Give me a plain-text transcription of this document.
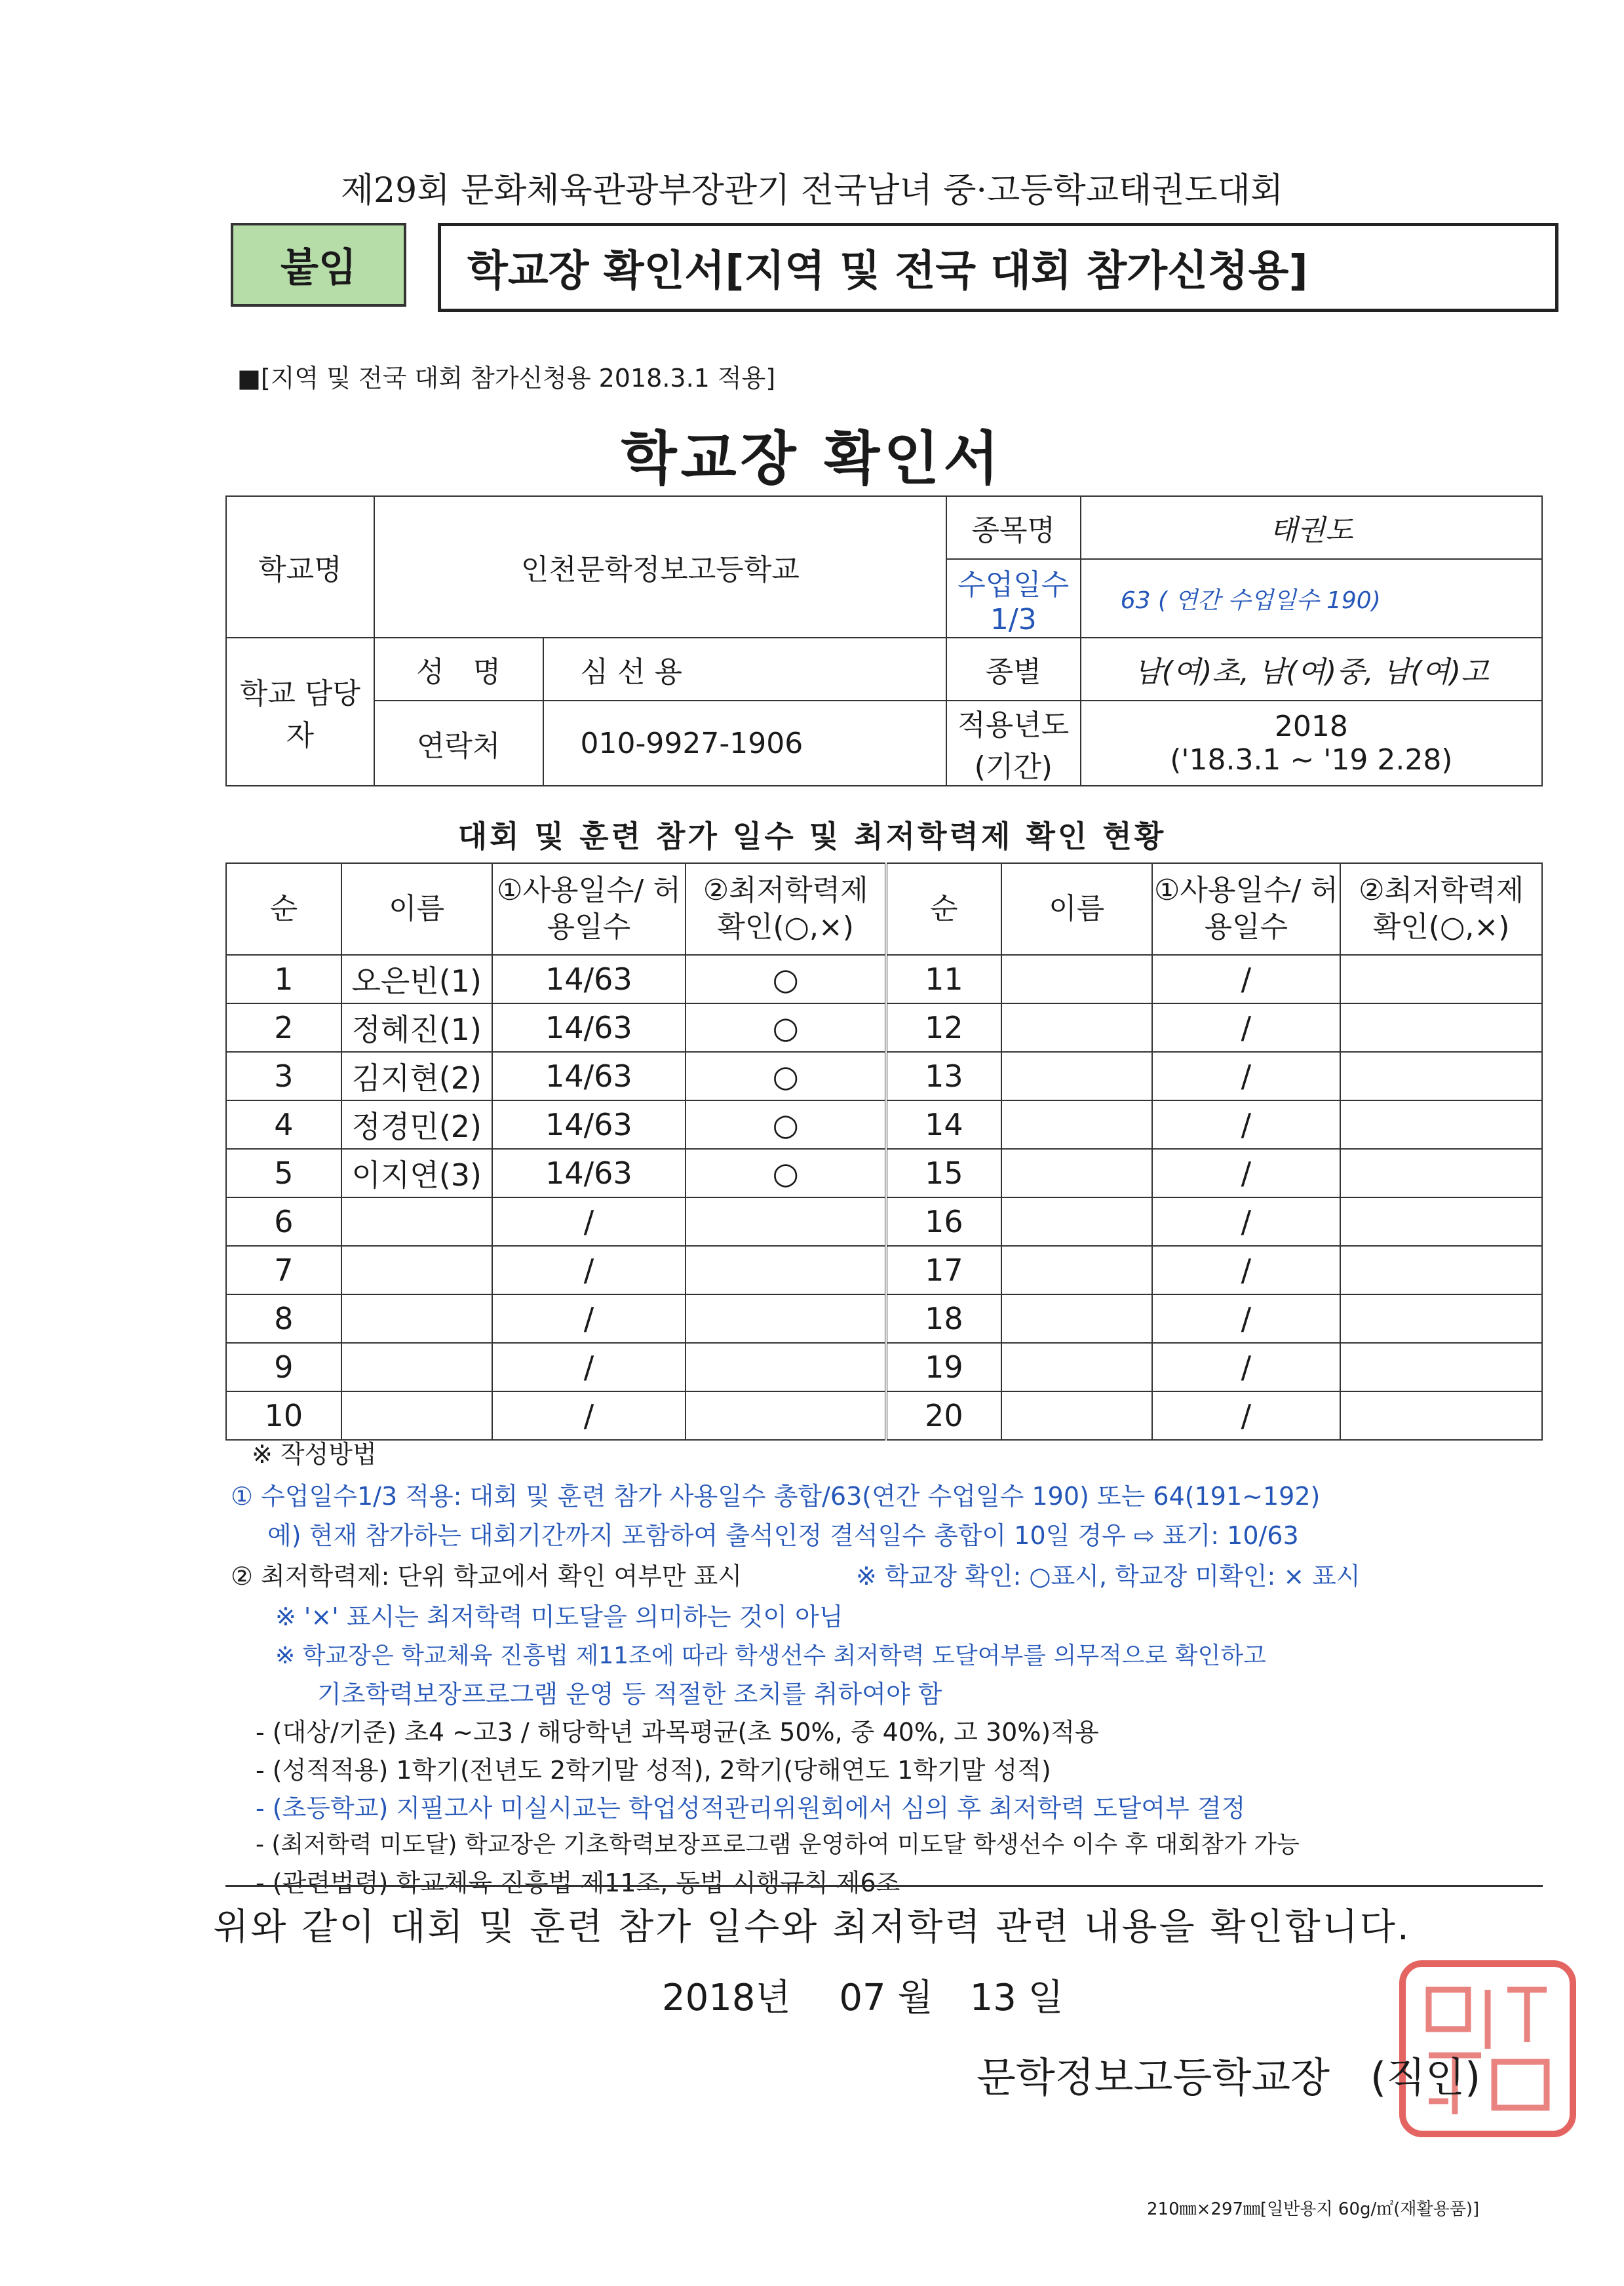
제29회 문화체육관광부장관기 전국남녀 중·고등학교태권도대회
붙임	학교장 확인서[지역 및 전국 대회 참가신청용]
■[지역 및 전국 대회 참가신청용 2018.3.1 적용]
학교장 확인서
학교명	인천문학정보고등학교		종목명	태권도
			수업일수 1/3	63 ( 연간 수업일수 190)
학교 담당자	성　명	심 선 용	종별	남(여)초, 남(여)중, 남(여)고
	연락처	010-9927-1906	적용년도 (기간)	2018
('18.3.1 ~ '19 2.28)
대회 및 훈련 참가 일수 및 최저학력제 확인 현황
순	이름	①사용일수/ 허용일수	②최저학력제 확인(○,×)	순	이름	①사용일수/ 허용일수	②최저학력제 확인(○,×)
1	오은빈(1)	14/63	○	11		/	
2	정혜진(1)	14/63	○	12		/	
3	김지현(2)	14/63	○	13		/	
4	정경민(2)	14/63	○	14		/	
5	이지연(3)	14/63	○	15		/	
6		/		16		/	
7		/		17		/	
8		/		18		/	
9		/		19		/	
10		/		20		/	
※ 작성방법
① 수업일수1/3 적용: 대회 및 훈련 참가 사용일수 총합/63(연간 수업일수 190) 또는 64(191~192)
예) 현재 참가하는 대회기간까지 포함하여 출석인정 결석일수 총합이 10일 경우 ⇨ 표기: 10/63
② 최저학력제: 단위 학교에서 확인 여부만 표시	※ 학교장 확인: ○표시, 학교장 미확인: × 표시
※ '×' 표시는 최저학력 미도달을 의미하는 것이 아님
※ 학교장은 학교체육 진흥법 제11조에 따라 학생선수 최저학력 도달여부를 의무적으로 확인하고
기초학력보장프로그램 운영 등 적절한 조치를 취하여야 함
- (대상/기준) 초4 ~고3 / 해당학년 과목평균(초 50%, 중 40%, 고 30%)적용
- (성적적용) 1학기(전년도 2학기말 성적), 2학기(당해연도 1학기말 성적)
- (초등학교) 지필고사 미실시교는 학업성적관리위원회에서 심의 후 최저학력 도달여부 결정
- (최저학력 미도달) 학교장은 기초학력보장프로그램 운영하여 미도달 학생선수 이수 후 대회참가 가능
- (관련법령) 학교체육 진흥법 제11조, 동법 시행규칙 제6조
위와 같이 대회 및 훈련 참가 일수와 최저학력 관련 내용을 확인합니다.
2018년　 07 월　13 일
문학정보고등학교장　(직인)
210㎜×297㎜[일반용지 60g/㎡(재활용품)]
